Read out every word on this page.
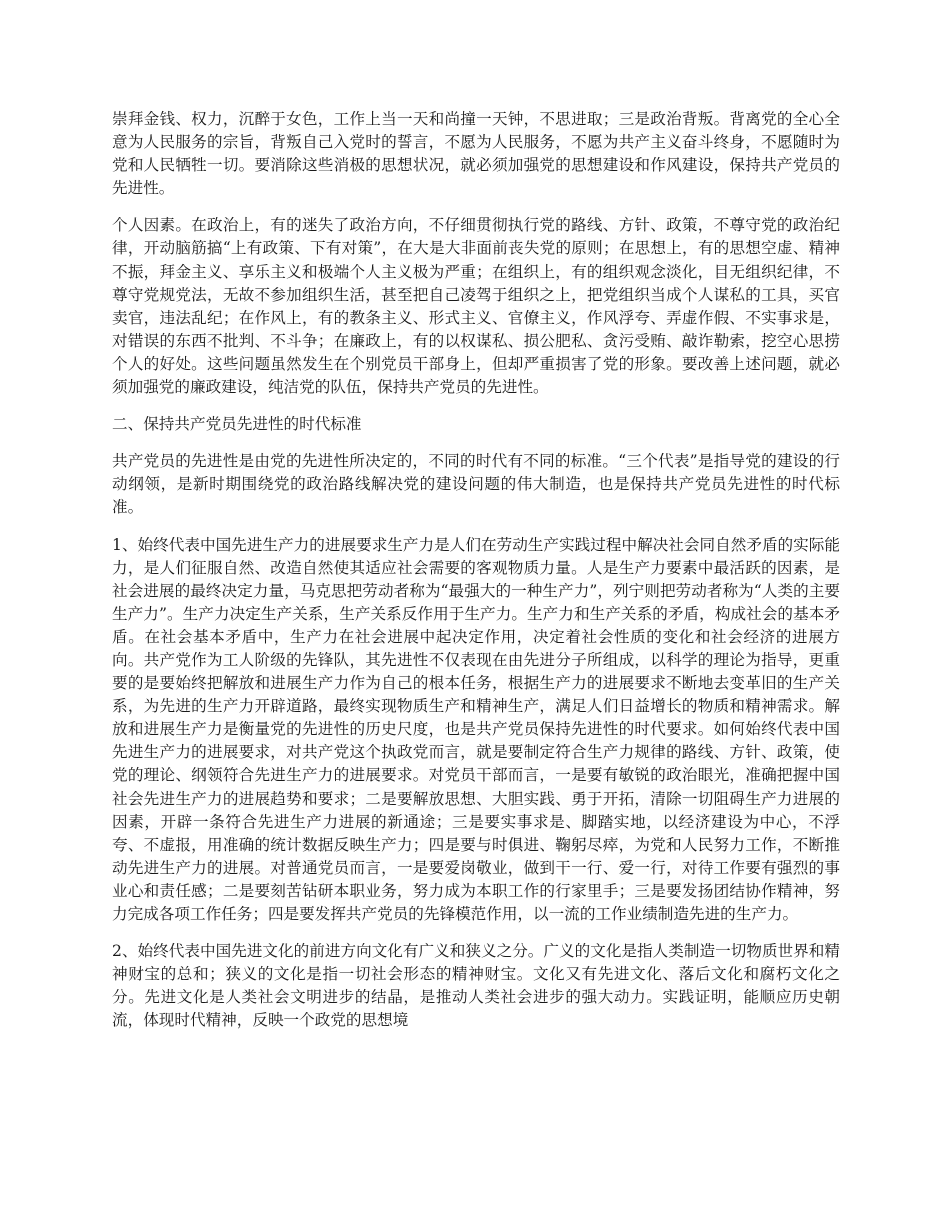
崇拜金钱、权力，沉醉于女色，工作上当一天和尚撞一天钟，不思进取；三是政治背叛。背离党的全心全意为人民服务的宗旨，背叛自己入党时的誓言，不愿为人民服务，不愿为共产主义奋斗终身，不愿随时为党和人民牺牲一切。要消除这些消极的思想状况，就必须加强党的思想建设和作风建设，保持共产党员的先进性。

个人因素。在政治上，有的迷失了政治方向，不仔细贯彻执行党的路线、方针、政策，不尊守党的政治纪律，开动脑筋搞“上有政策、下有对策”，在大是大非面前丧失党的原则；在思想上，有的思想空虚、精神不振，拜金主义、享乐主义和极端个人主义极为严重；在组织上，有的组织观念淡化，目无组织纪律，不尊守党规党法，无故不参加组织生活，甚至把自己凌驾于组织之上，把党组织当成个人谋私的工具，买官卖官，违法乱纪；在作风上，有的教条主义、形式主义、官僚主义，作风浮夸、弄虚作假、不实事求是，对错误的东西不批判、不斗争；在廉政上，有的以权谋私、损公肥私、贪污受贿、敲诈勒索，挖空心思捞个人的好处。这些问题虽然发生在个别党员干部身上，但却严重损害了党的形象。要改善上述问题，就必须加强党的廉政建设，纯洁党的队伍，保持共产党员的先进性。

二、保持共产党员先进性的时代标准

共产党员的先进性是由党的先进性所决定的，不同的时代有不同的标准。“三个代表”是指导党的建设的行动纲领，是新时期围绕党的政治路线解决党的建设问题的伟大制造，也是保持共产党员先进性的时代标准。

1、始终代表中国先进生产力的进展要求生产力是人们在劳动生产实践过程中解决社会同自然矛盾的实际能力，是人们征服自然、改造自然使其适应社会需要的客观物质力量。人是生产力要素中最活跃的因素，是社会进展的最终决定力量，马克思把劳动者称为“最强大的一种生产力”，列宁则把劳动者称为“人类的主要生产力”。生产力决定生产关系，生产关系反作用于生产力。生产力和生产关系的矛盾，构成社会的基本矛盾。在社会基本矛盾中，生产力在社会进展中起决定作用，决定着社会性质的变化和社会经济的进展方向。共产党作为工人阶级的先锋队，其先进性不仅表现在由先进分子所组成，以科学的理论为指导，更重要的是要始终把解放和进展生产力作为自己的根本任务，根据生产力的进展要求不断地去变革旧的生产关系，为先进的生产力开辟道路，最终实现物质生产和精神生产，满足人们日益增长的物质和精神需求。解放和进展生产力是衡量党的先进性的历史尺度，也是共产党员保持先进性的时代要求。如何始终代表中国先进生产力的进展要求，对共产党这个执政党而言，就是要制定符合生产力规律的路线、方针、政策，使党的理论、纲领符合先进生产力的进展要求。对党员干部而言，一是要有敏锐的政治眼光，准确把握中国社会先进生产力的进展趋势和要求；二是要解放思想、大胆实践、勇于开拓，清除一切阻碍生产力进展的因素，开辟一条符合先进生产力进展的新通途；三是要实事求是、脚踏实地，以经济建设为中心，不浮夸、不虚报，用准确的统计数据反映生产力；四是要与时俱进、鞠躬尽瘁，为党和人民努力工作，不断推动先进生产力的进展。对普通党员而言，一是要爱岗敬业，做到干一行、爱一行，对待工作要有强烈的事业心和责任感；二是要刻苦钻研本职业务，努力成为本职工作的行家里手；三是要发扬团结协作精神，努力完成各项工作任务；四是要发挥共产党员的先锋模范作用，以一流的工作业绩制造先进的生产力。

2、始终代表中国先进文化的前进方向文化有广义和狭义之分。广义的文化是指人类制造一切物质世界和精神财宝的总和；狭义的文化是指一切社会形态的精神财宝。文化又有先进文化、落后文化和腐朽文化之分。先进文化是人类社会文明进步的结晶，是推动人类社会进步的强大动力。实践证明，能顺应历史朝流，体现时代精神，反映一个政党的思想境
